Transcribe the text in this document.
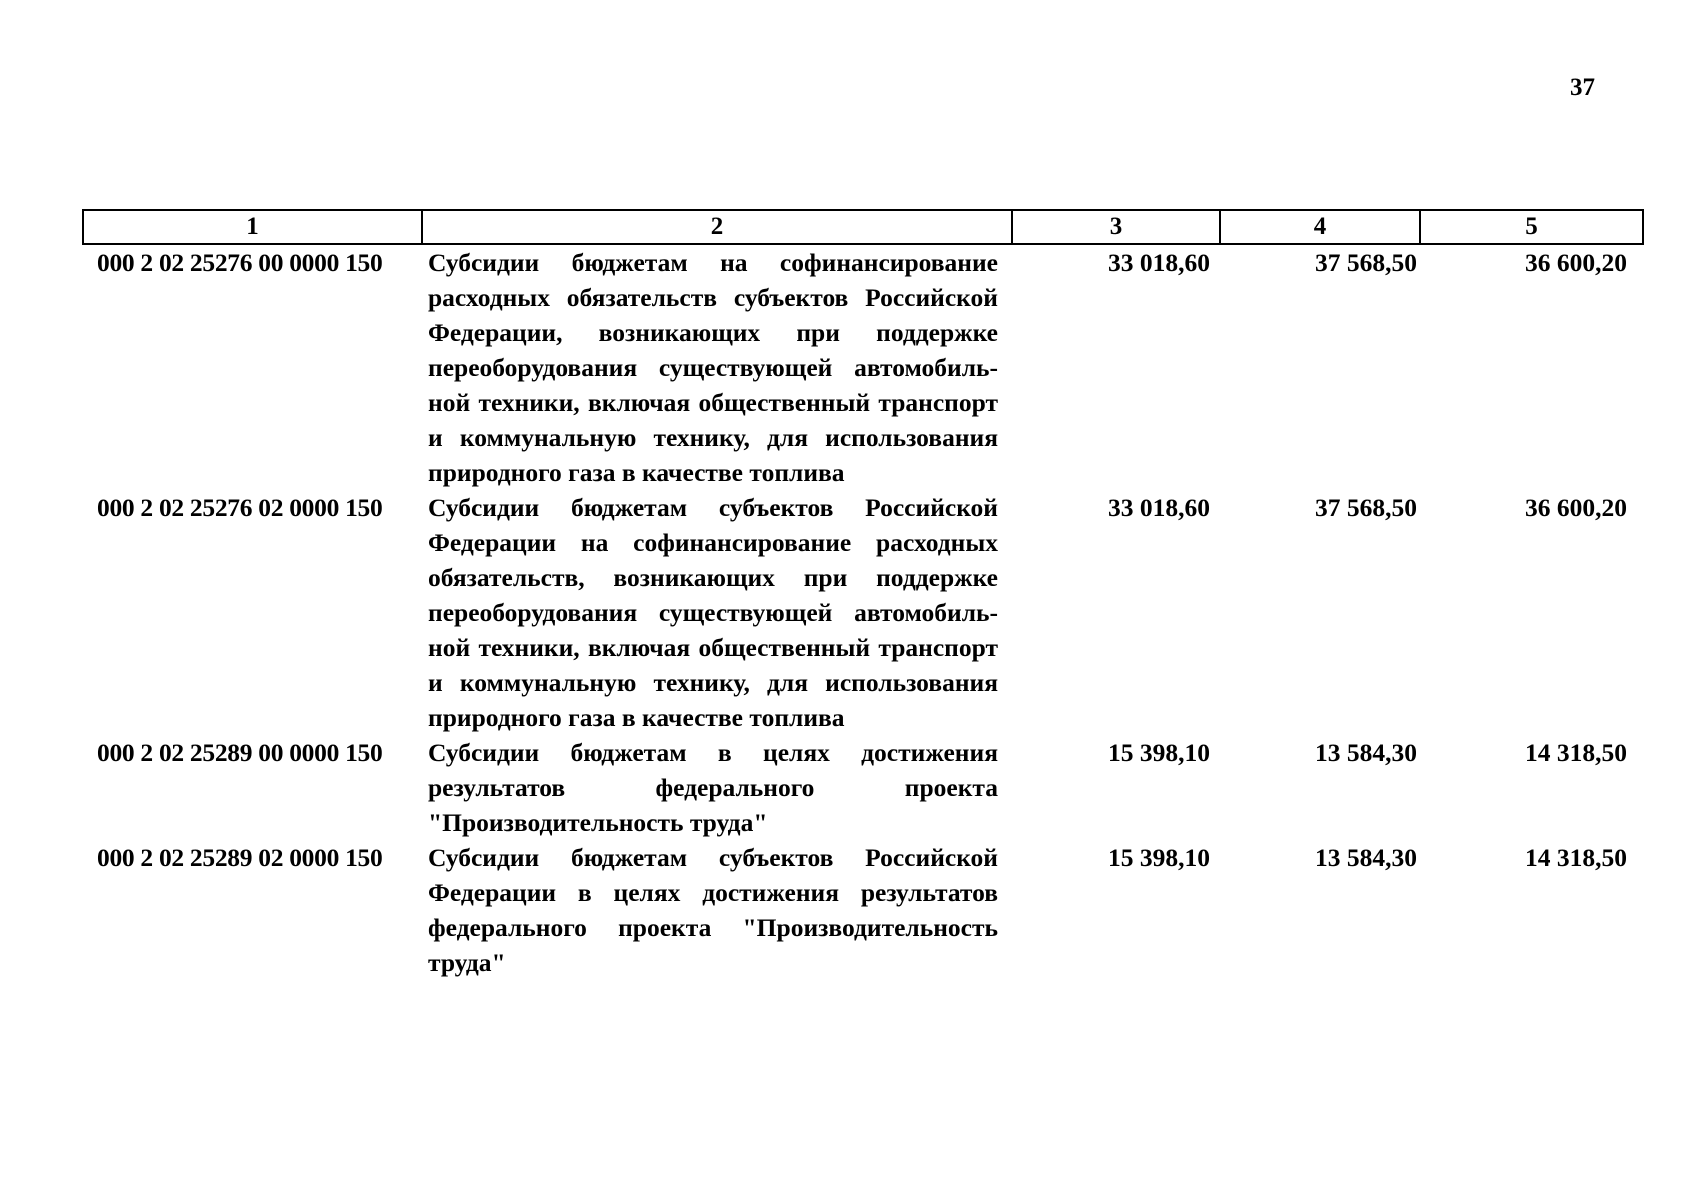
37
1	2	3	4	5
000 2 02 25276 00 0000 150	Субсидии бюджетам на софинансирование расходных обязательств субъектов Российской Федерации, возникающих при поддержке переоборудования существующей автомобильной техники, включая общественный транспорт и коммунальную технику, для использования природного газа в качестве топлива	33 018,60	37 568,50	36 600,20
000 2 02 25276 02 0000 150	Субсидии бюджетам субъектов Российской Федерации на софинансирование расходных обязательств, возникающих при поддержке переоборудования существующей автомобильной техники, включая общественный транспорт и коммунальную технику, для использования природного газа в качестве топлива	33 018,60	37 568,50	36 600,20
000 2 02 25289 00 0000 150	Субсидии бюджетам в целях достижения результатов федерального проекта "Производительность труда"	15 398,10	13 584,30	14 318,50
000 2 02 25289 02 0000 150	Субсидии бюджетам субъектов Российской Федерации в целях достижения результатов федерального проекта "Производительность труда"	15 398,10	13 584,30	14 318,50
